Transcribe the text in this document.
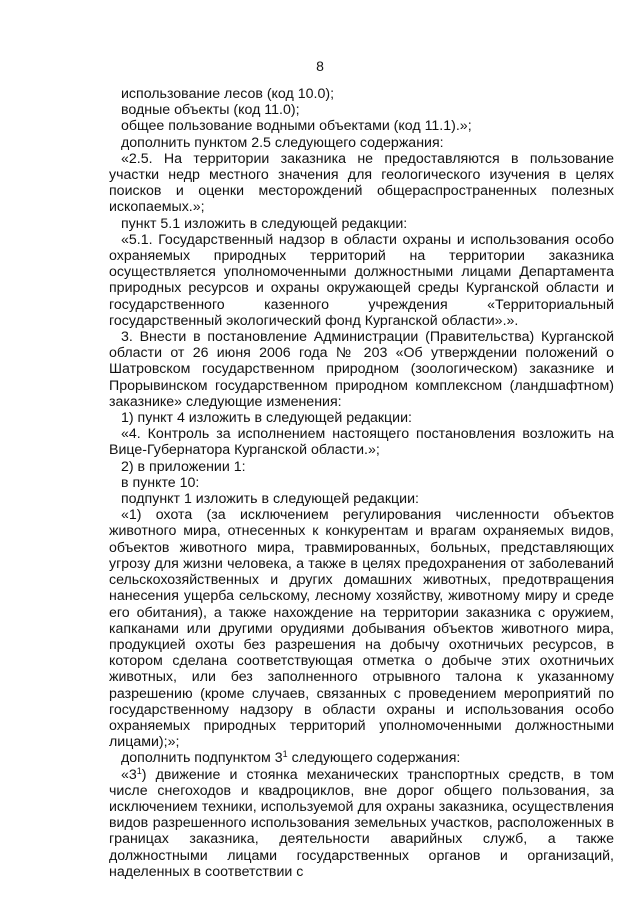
8

использование лесов (код 10.0);

водные объекты (код 11.0);

общее пользование водными объектами (код 11.1).»;

дополнить пунктом 2.5 следующего содержания:

«2.5. На территории заказника не предоставляются в пользование участки недр местного значения для геологического изучения в целях поисков и оценки месторождений общераспространенных полезных ископаемых.»;

пункт 5.1 изложить в следующей редакции:

«5.1. Государственный надзор в области охраны и использования особо охраняемых природных территорий на территории заказника осуществляется уполномоченными должностными лицами Департамента природных ресурсов и охраны окружающей среды Курганской области и государственного казенного учреждения «Территориальный государственный экологический фонд Курганской области».».

3. Внести в постановление Администрации (Правительства) Курганской области от 26 июня 2006 года № 203 «Об утверждении положений о Шатровском государственном природном (зоологическом) заказнике и Прорывинском государственном природном комплексном (ландшафтном) заказнике» следующие изменения:

1) пункт 4 изложить в следующей редакции:

«4. Контроль за исполнением настоящего постановления возложить на Вице-Губернатора Курганской области.»;

2) в приложении 1:

в пункте 10:

подпункт 1 изложить в следующей редакции:

«1) охота (за исключением регулирования численности объектов животного мира, отнесенных к конкурентам и врагам охраняемых видов, объектов животного мира, травмированных, больных, представляющих угрозу для жизни человека, а также в целях предохранения от заболеваний сельскохозяйственных и других домашних животных, предотвращения нанесения ущерба сельскому, лесному хозяйству, животному миру и среде его обитания), а также нахождение на территории заказника с оружием, капканами или другими орудиями добывания объектов животного мира, продукцией охоты без разрешения на добычу охотничьих ресурсов, в котором сделана соответствующая отметка о добыче этих охотничьих животных, или без заполненного отрывного талона к указанному разрешению (кроме случаев, связанных с проведением мероприятий по государственному надзору в области охраны и использования особо охраняемых природных территорий уполномоченными должностными лицами);»;

дополнить подпунктом $3^1$ следующего содержания:

«$3^1$) движение и стоянка механических транспортных средств, в том числе снегоходов и квадроциклов, вне дорог общего пользования, за исключением техники, используемой для охраны заказника, осуществления видов разрешенного использования земельных участков, расположенных в границах заказника, деятельности аварийных служб, а также должностными лицами государственных органов и организаций, наделенных в соответствии с
